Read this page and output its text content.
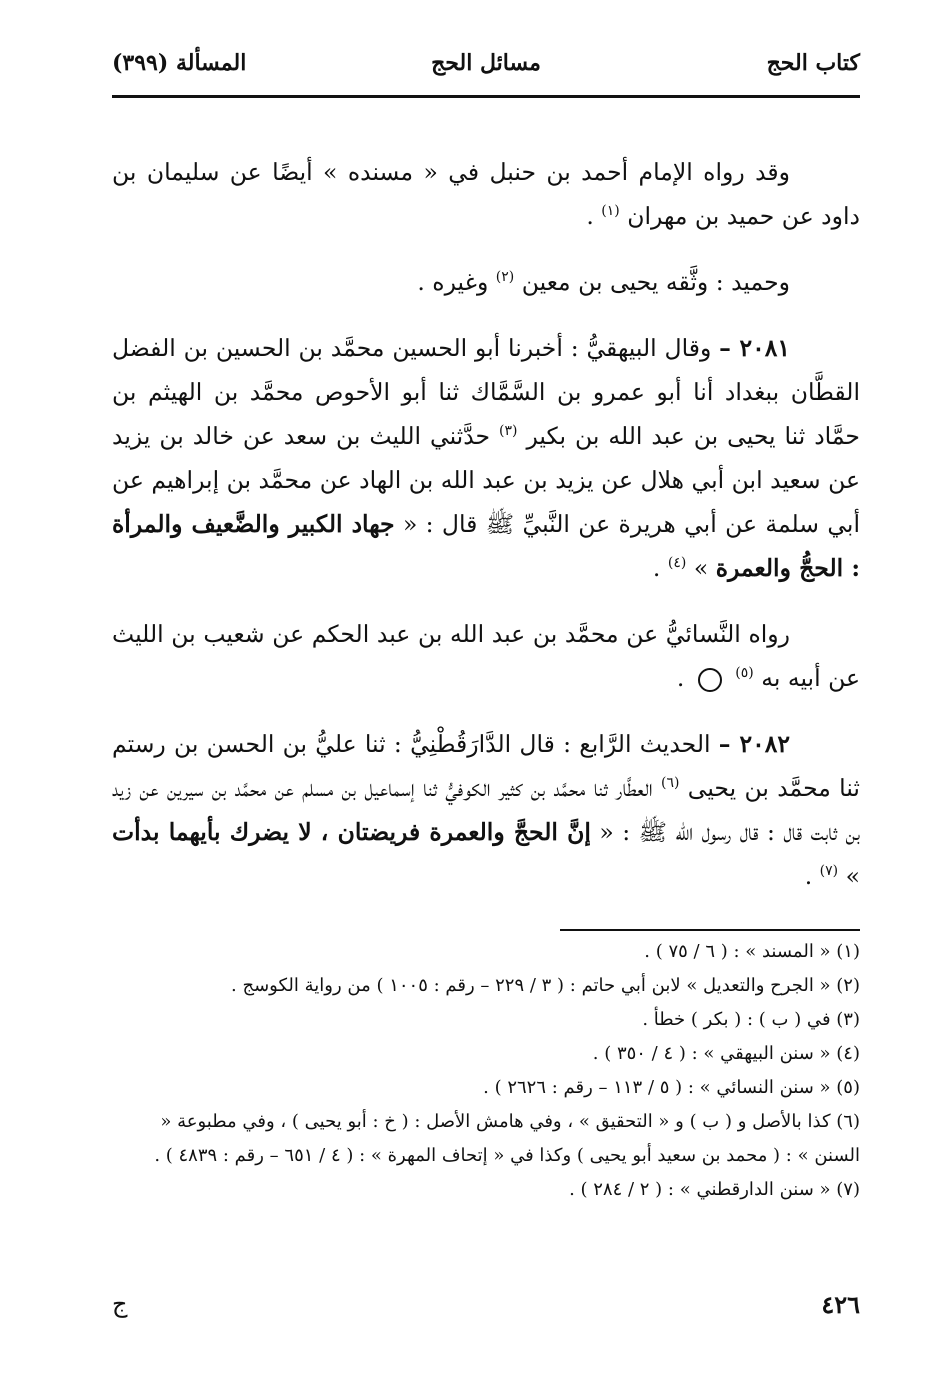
كتاب الحج
مسائل الحج
المسألة (٣٩٩)

وقد رواه الإمام أحمد بن حنبل في « مسنده » أيضًا عن سليمان بن داود عن حميد بن مهران $^{(١)}$ .

وحميد : وثَّقه يحيى بن معين $^{(٢)}$ وغيره .

٢٠٨١ – وقال البيهقيُّ : أخبرنا أبو الحسين محمَّد بن الحسين بن الفضل القطَّان ببغداد أنا أبو عمرو بن السَّمَّاك ثنا أبو الأحوص محمَّد بن الهيثم بن حمَّاد ثنا يحيى بن عبد الله بن بكير $^{(٣)}$ حدَّثني الليث بن سعد عن خالد بن يزيد عن سعيد ابن أبي هلال عن يزيد بن عبد الله بن الهاد عن محمَّد بن إبراهيم عن أبي سلمة عن أبي هريرة عن النَّبيِّ ﷺ قال : « جهاد الكبير والضَّعيف والمرأة : الحجُّ والعمرة » $^{(٤)}$ .

رواه النَّسائيُّ عن محمَّد بن عبد الله بن عبد الحكم عن شعيب بن الليث عن أبيه به $^{(٥)}$  .

٢٠٨٢ – الحديث الرَّابع : قال الدَّارَقُطْنِيُّ : ثنا عليُّ بن الحسن بن رستم ثنا محمَّد بن يحيى $^{(٦)}$ العطَّار ثنا محمَّد بن كثير الكوفيُّ ثنا إسماعيل بن مسلم عن محمَّد بن سيرين عن زيد بن ثابت قال : قال رسول الله ﷺ : « إنَّ الحجَّ والعمرة فريضتان ، لا يضرك بأيهما بدأت » $^{(٧)}$ .

(١) « المسند » : ( ٦ / ٧٥ ) .

(٢) « الجرح والتعديل » لابن أبي حاتم : ( ٣ / ٢٢٩ – رقم : ١٠٠٥ ) من رواية الكوسج .

(٣) في ( ب ) : ( بكر ) خطأ .

(٤) « سنن البيهقي » : ( ٤ / ٣٥٠ ) .

(٥) « سنن النسائي » : ( ٥ / ١١٣ – رقم : ٢٦٢٦ ) .

(٦) كذا بالأصل و ( ب ) و « التحقيق » ، وفي هامش الأصل : ( خ : أبو يحيى ) ، وفي مطبوعة « السنن » : ( محمد بن سعيد أبو يحيى ) وكذا في « إتحاف المهرة » : ( ٤ / ٦٥١ – رقم : ٤٨٣٩ ) .

(٧) « سنن الدارقطني » : ( ٢ / ٢٨٤ ) .

٤٢٦
ج
